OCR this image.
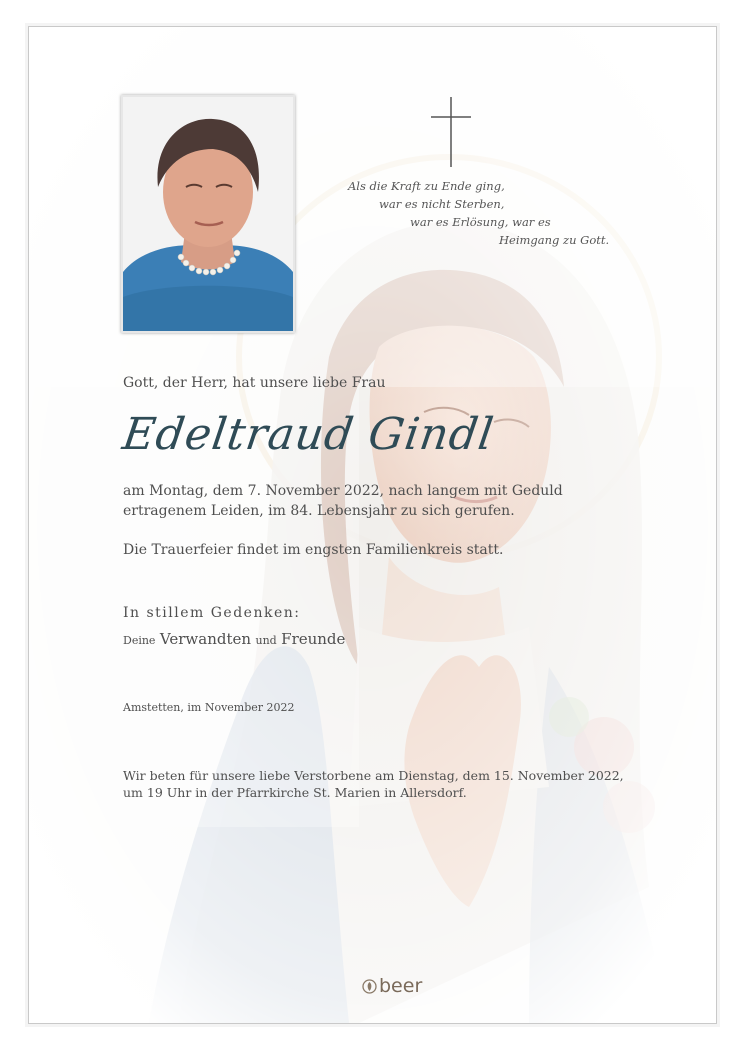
Als die Kraft zu Ende ging,
war es nicht Sterben,
war es Erlösung, war es
Heimgang zu Gott.
Gott, der Herr, hat unsere liebe Frau
Edeltraud Gindl
am Montag, dem 7. November 2022, nach langem mit Geduld
ertragenem Leiden, im 84. Lebensjahr zu sich gerufen.
Die Trauerfeier findet im engsten Familienkreis statt.
In stillem Gedenken:
Deine Verwandten und Freunde
Amstetten, im November 2022
Wir beten für unsere liebe Verstorbene am Dienstag, dem 15. November 2022,
um 19 Uhr in der Pfarrkirche St. Marien in Allersdorf.
beer
